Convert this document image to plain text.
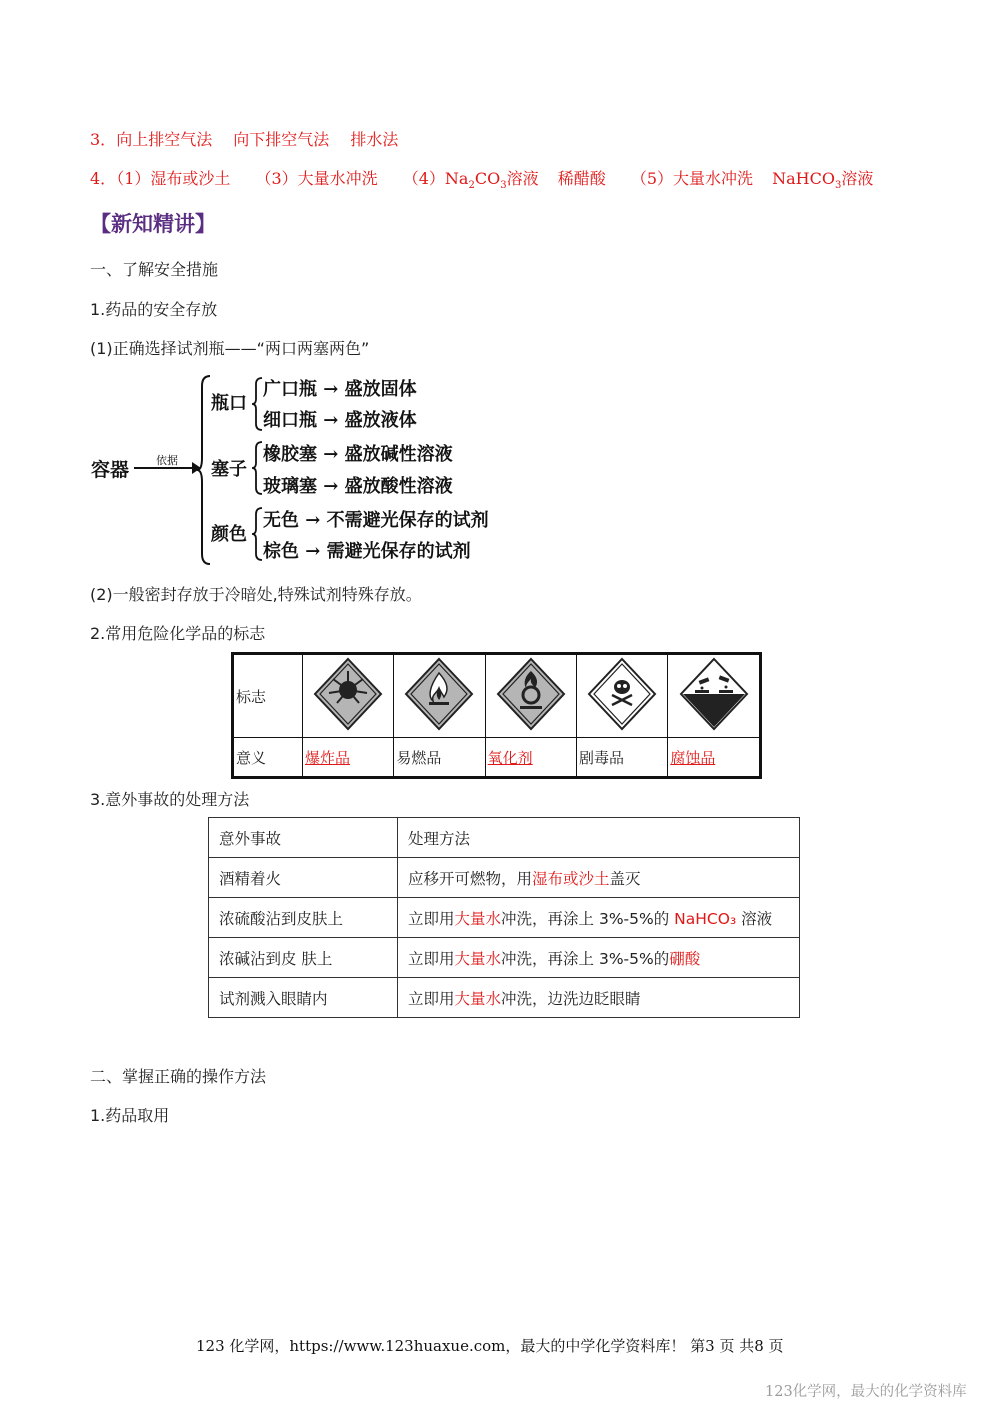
3．向上排空气法 向下排空气法 排水法
4．（1）湿布或沙土 （3）大量水冲洗 $(4)Na_2CO_3$溶液 稀醋酸 （5）大量水冲洗 NaHCO$_3$溶液
【新知精讲】
一、了解安全措施
1.药品的安全存放
(1)正确选择试剂瓶——“两口两塞两色”
容器 依据
瓶口
塞子
颜色
广口瓶 → 盛放固体
细口瓶 → 盛放液体
橡胶塞 → 盛放碱性溶液
玻璃塞 → 盛放酸性溶液
无色 → 不需避光保存的试剂
棕色 → 需避光保存的试剂
(2)一般密封存放于冷暗处,特殊试剂特殊存放。
2.常用危险化学品的标志
标志					
意义	爆炸品	易燃品	氧化剂	剧毒品	腐蚀品
3.意外事故的处理方法
意外事故	处理方法
酒精着火	应移开可燃物，用湿布或沙土盖灭
浓硫酸沾到皮肤上	立即用大量水冲洗，再涂上 3%-5%的 NaHCO₃ 溶液
浓碱沾到皮 肤上	立即用大量水冲洗，再涂上 3%-5%的硼酸
试剂溅入眼睛内	立即用大量水冲洗，边洗边眨眼睛
二、掌握正确的操作方法
1.药品取用
123 化学网，https://www.123huaxue.com，最大的中学化学资料库！ 第3 页 共8 页
123化学网，最大的化学资料库
